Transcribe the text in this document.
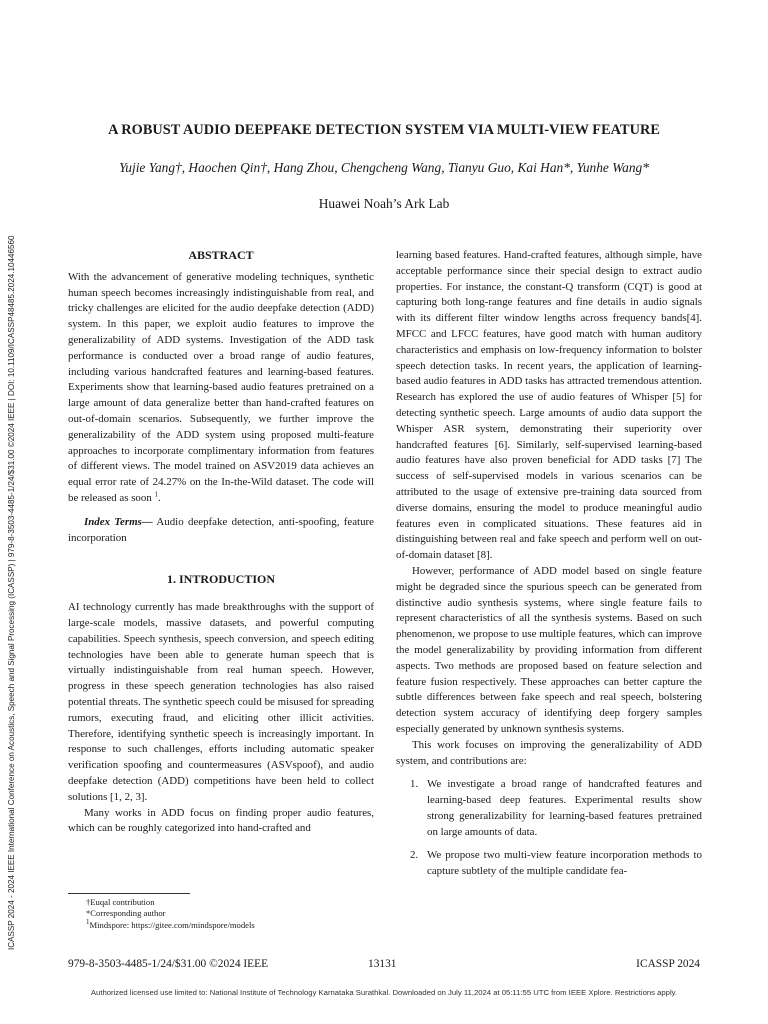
ICASSP 2024 - 2024 IEEE International Conference on Acoustics, Speech and Signal Processing (ICASSP) | 979-8-3503-4485-1/24/$31.00 ©2024 IEEE | DOI: 10.1109/ICASSP48485.2024.10446560
A ROBUST AUDIO DEEPFAKE DETECTION SYSTEM VIA MULTI-VIEW FEATURE
Yujie Yang†, Haochen Qin†, Hang Zhou, Chengcheng Wang, Tianyu Guo, Kai Han*, Yunhe Wang*
Huawei Noah’s Ark Lab
ABSTRACT

With the advancement of generative modeling techniques, synthetic human speech becomes increasingly indistinguishable from real, and tricky challenges are elicited for the audio deepfake detection (ADD) system. In this paper, we exploit audio features to improve the generalizability of ADD systems. Investigation of the ADD task performance is conducted over a broad range of audio features, including various handcrafted features and learning-based features. Experiments show that learning-based audio features pretrained on a large amount of data generalize better than hand-crafted features on out-of-domain scenarios. Subsequently, we further improve the generalizability of the ADD system using proposed multi-feature approaches to incorporate complimentary information from features of different views. The model trained on ASV2019 data achieves an equal error rate of 24.27% on the In-the-Wild dataset. The code will be released as soon $^1$.

Index Terms— Audio deepfake detection, anti-spoofing, feature incorporation

1. INTRODUCTION

AI technology currently has made breakthroughs with the support of large-scale models, massive datasets, and powerful computing capabilities. Speech synthesis, speech conversion, and speech editing technologies have been able to generate human speech that is virtually indistinguishable from real human speech. However, progress in these speech generation technologies has also raised potential threats. The synthetic speech could be misused for spreading rumors, executing fraud, and eliciting other illicit activities. Therefore, identifying synthetic speech is increasingly important. In response to such challenges, efforts including automatic speaker verification spoofing and countermeasures (ASVspoof), and audio deepfake detection (ADD) competitions have been held to collect solutions [1, 2, 3].

Many works in ADD focus on finding proper audio features, which can be roughly categorized into hand-crafted and

learning based features. Hand-crafted features, although simple, have acceptable performance since their special design to extract audio properties. For instance, the constant-Q transform (CQT) is good at capturing both long-range features and fine details in audio signals with its different filter window lengths across frequency bands[4]. MFCC and LFCC features, have good match with human auditory characteristics and emphasis on low-frequency information to bolster speech detection tasks. In recent years, the application of learning-based audio features in ADD tasks has attracted tremendous attention. Research has explored the use of audio features of Whisper [5] for detecting synthetic speech. Large amounts of audio data support the Whisper ASR system, demonstrating their superiority over handcrafted features [6]. Similarly, self-supervised learning-based audio features have also proven beneficial for ADD tasks [7] The success of self-supervised models in various scenarios can be attributed to the usage of extensive pre-training data sourced from diverse domains, ensuring the model to produce meaningful audio features even in complicated situations. These features aid in distinguishing between real and fake speech and perform well on out-of-domain dataset [8].

However, performance of ADD model based on single feature might be degraded since the spurious speech can be generated from distinctive audio synthesis systems, where single feature fails to represent characteristics of all the synthesis systems. Based on such phenomenon, we propose to use multiple features, which can improve the model generalizability by providing information from different aspects. Two methods are proposed based on feature selection and feature fusion respectively. These approaches can better capture the subtle differences between fake speech and real speech, bolstering detection system accuracy of identifying deep forgery samples especially generated by unknown synthesis systems.

This work focuses on improving the generalizability of ADD system, and contributions are:

1. We investigate a broad range of handcrafted features and learning-based deep features. Experimental results show strong generalizability for learning-based features pretrained on large amounts of data.
2. We propose two multi-view feature incorporation methods to capture subtlety of the multiple candidate fea-
†Euqal contribution
*Corresponding author
$^1$Mindspore: https://gitee.com/mindspore/models
979-8-3503-4485-1/24/$31.00 ©2024 IEEE	13131	ICASSP 2024
Authorized licensed use limited to: National Institute of Technology Karnataka Surathkal. Downloaded on July 11,2024 at 05:11:55 UTC from IEEE Xplore. Restrictions apply.
